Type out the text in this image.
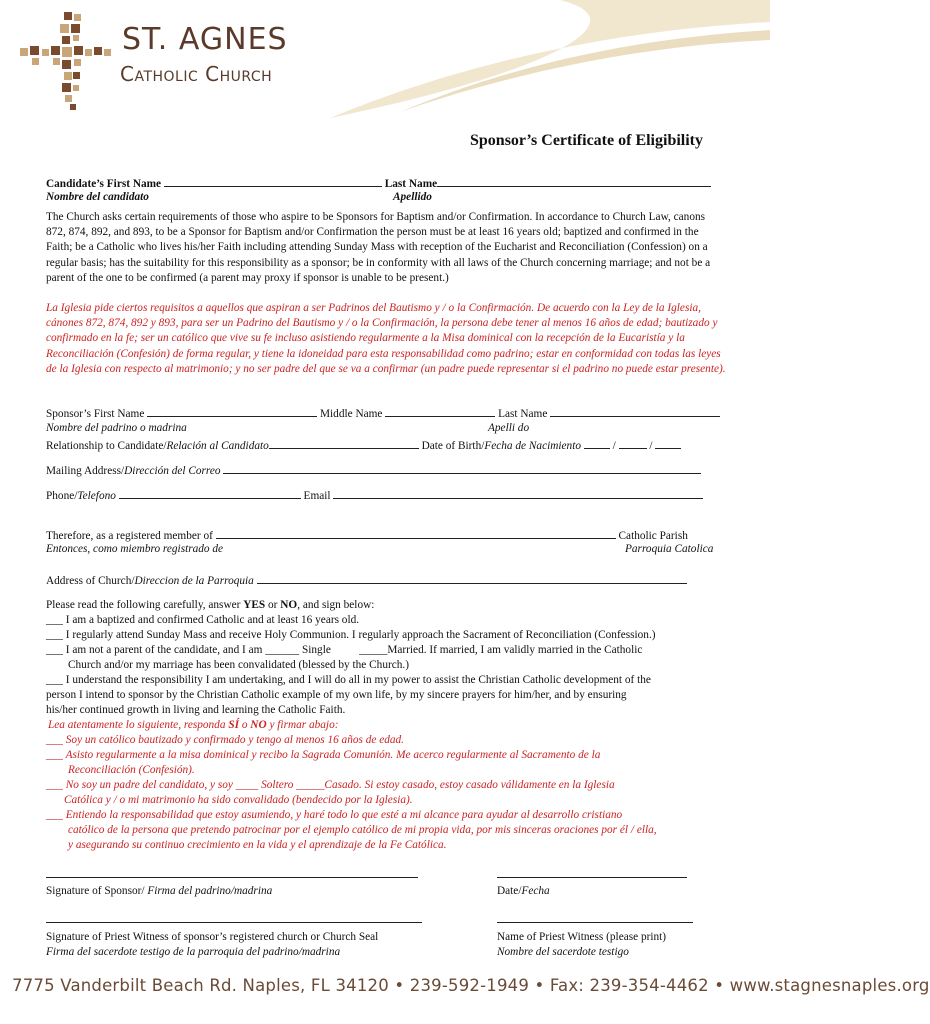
ST. AGNES
Catholic Church
Sponsor’s Certificate of Eligibility
Candidate’s First Name	Last Name
Nombre del candidato	Apellido
The Church asks certain requirements of those who aspire to be Sponsors for Baptism and/or Confirmation. In accordance to Church Law, canons 872, 874, 892, and 893, to be a Sponsor for Baptism and/or Confirmation the person must be at least 16 years old; baptized and confirmed in the Faith; be a Catholic who lives his/her Faith including attending Sunday Mass with reception of the Eucharist and Reconciliation (Confession) on a regular basis; has the suitability for this responsibility as a sponsor; be in conformity with all laws of the Church concerning marriage; and not be a parent of the one to be confirmed (a parent may proxy if sponsor is unable to be present.)
La Iglesia pide ciertos requisitos a aquellos que aspiran a ser Padrinos del Bautismo y / o la Confirmación. De acuerdo con la Ley de la Iglesia, cánones 872, 874, 892 y 893, para ser un Padrino del Bautismo y / o la Confirmación, la persona debe tener al menos 16 años de edad; bautizado y confirmado en la fe; ser un católico que vive su fe incluso asistiendo regularmente a la Misa dominical con la recepción de la Eucaristía y la Reconciliación (Confesión) de forma regular, y tiene la idoneidad para esta responsabilidad como padrino; estar en conformidad con todas las leyes de la Iglesia con respecto al matrimonio; y no ser padre del que se va a confirmar (un padre puede representar si el padrino no puede estar presente).
Sponsor’s First Name	Middle Name	Last Name
Nombre del padrino o madrina	Apelli do
Relationship to Candidate/Relación al Candidato	Date of Birth/Fecha de Nacimiento	/  /
Mailing Address/Dirección del Correo
Phone/Telefono	Email
Therefore, as a registered member of	Catholic Parish
Entonces, como miembro registrado de	Parroquia Catolica
Address of Church/Direccion de la Parroquia
Please read the following carefully, answer YES or NO, and sign below:
___ I am a baptized and confirmed Catholic and at least 16 years old.
___ I regularly attend Sunday Mass and receive Holy Communion. I regularly approach the Sacrament of Reconciliation (Confession.)
___ I am not a parent of the candidate, and I am ______ Single          _____Married. If married, I am validly married in the Catholic
Church and/or my marriage has been convalidated (blessed by the Church.)
___ I understand the responsibility I am undertaking, and I will do all in my power to assist the Christian Catholic development of the
person I intend to sponsor by the Christian Catholic example of my own life, by my sincere prayers for him/her, and by ensuring
his/her continued growth in living and learning the Catholic Faith.
Lea atentamente lo siguiente, responda SÍ o NO y firmar abajo:
___ Soy un católico bautizado y confirmado y tengo al menos 16 años de edad.
___ Asisto regularmente a la misa dominical y recibo la Sagrada Comunión. Me acerco regularmente al Sacramento de la
Reconciliación (Confesión).
___ No soy un padre del candidato, y soy ____ Soltero _____Casado. Si estoy casado, estoy casado válidamente en la Iglesia
Católica y / o mi matrimonio ha sido convalidado (bendecido por la Iglesia).
___ Entiendo la responsabilidad que estoy asumiendo, y haré todo lo que esté a mi alcance para ayudar al desarrollo cristiano
católico de la persona que pretendo patrocinar por el ejemplo católico de mi propia vida, por mis sinceras oraciones por él / ella,
y asegurando su continuo crecimiento en la vida y el aprendizaje de la Fe Católica.
Signature of Sponsor/ Firma del padrino/madrina	Date/Fecha
Signature of Priest Witness of sponsor’s registered church or Church Seal
Firma del sacerdote testigo de la parroquia del padrino/madrina
Name of Priest Witness (please print)
Nombre del sacerdote testigo
7775 Vanderbilt Beach Rd. Naples, FL 34120 • 239-592-1949 • Fax: 239-354-4462 • www.stagnesnaples.org
